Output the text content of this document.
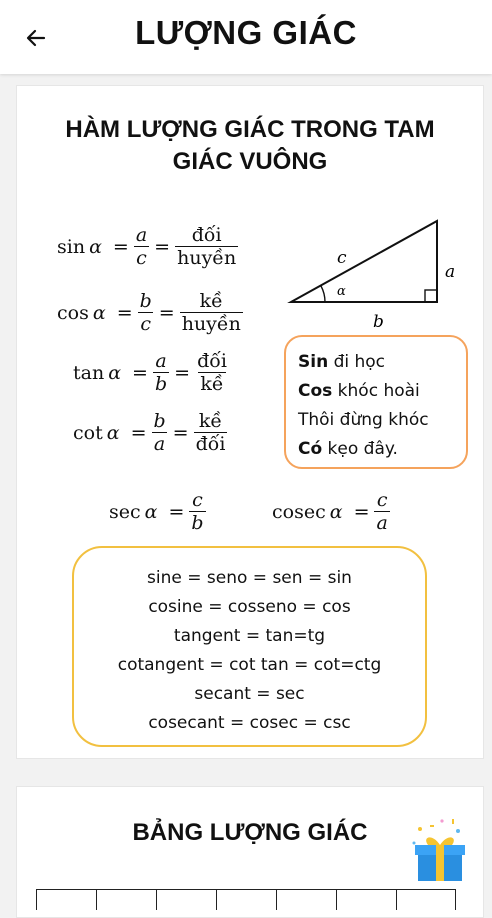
LƯỢNG GIÁC
HÀM LƯỢNG GIÁC TRONG TAM
GIÁC VUÔNG
$\sin \alpha = \frac{a}{c} = \frac{\text{đối}}{\text{huyền}}$
$\cos \alpha = \frac{b}{c} = \frac{\text{kề}}{\text{huyền}}$
$\tan \alpha = \frac{a}{b} = \frac{\text{đối}}{\text{kề}}$
$\cot \alpha = \frac{b}{a} = \frac{\text{kề}}{\text{đối}}$
$\sec \alpha = \frac{c}{b}$	cosec $\alpha = \frac{c}{a}$
c
a
b
α
Sin đi học
Cos khóc hoài
Thôi đừng khóc
Có kẹo đây.
sine = seno = sen = sin
cosine = cosseno = cos
tangent = tan=tg
cotangent = cot tan = cot=ctg
secant = sec
cosecant = cosec = csc
BẢNG LƯỢNG GIÁC
